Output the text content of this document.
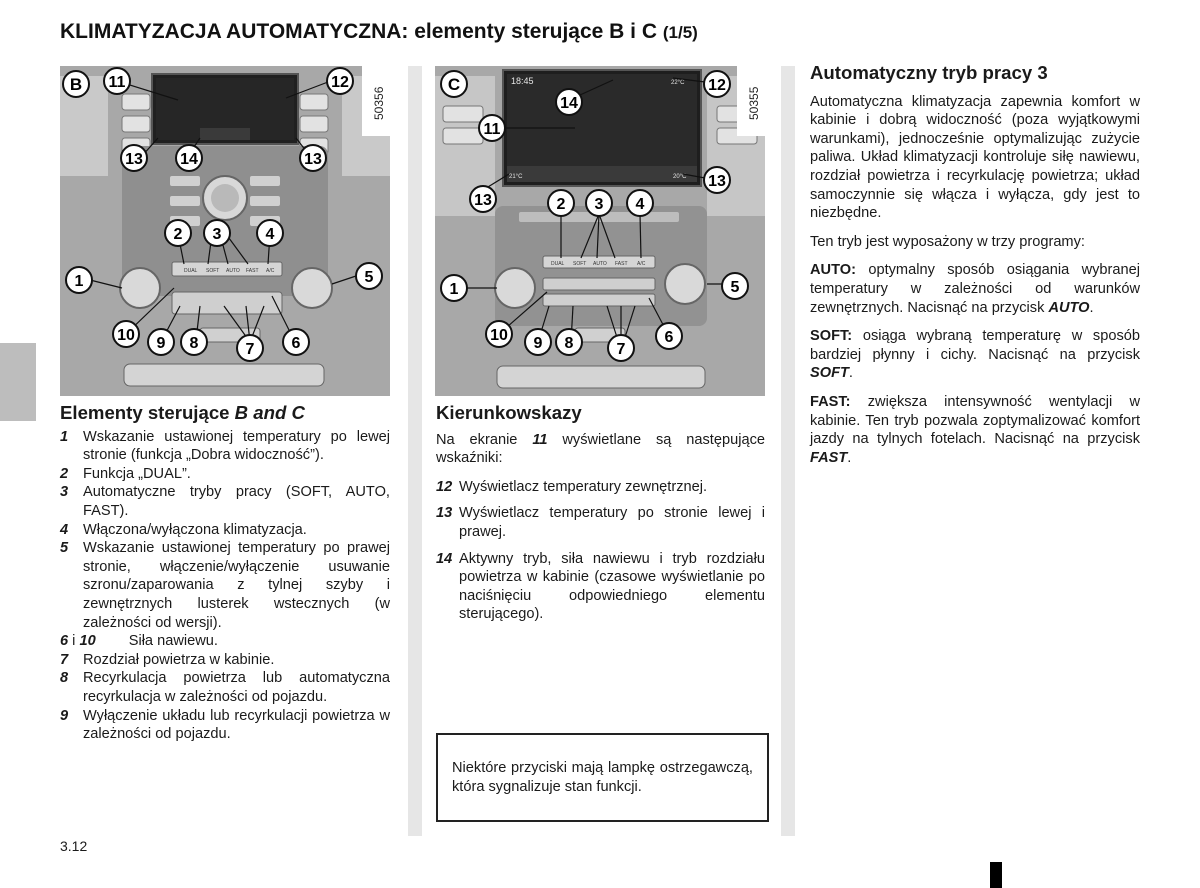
KLIMATYZACJA AUTOMATYCZNA: elementy sterujące B i C (1/5)
DUAL SOFT AUTO FAST A/C
50356
B 11	12
13 14	13
2 3	4
1	5
10 9 8	7 6
18:45	22°C
21°C	20°C
DUAL SOFT AUTO FAST A/C
50355
C
14
12
11
13
13
2 3 4
1	5
10 9 8	7
6
Elementy sterujące B and C
1 Wskazanie ustawionej temperatury po lewej stronie (funkcja „Dobra widoczność”).
2 Funkcja „DUAL”.
3 Automatyczne tryby pracy (SOFT, AUTO, FAST).
4 Włączona/wyłączona klimatyzacja.
5 Wskazanie ustawionej temperatury po prawej stronie, włączenie/wyłączenie usuwanie szronu/zaparowania z tylnej szyby i zewnętrznych lusterek wstecznych (w zależności od wersji).
6 i 10 Siła nawiewu.
7 Rozdział powietrza w kabinie.
8 Recyrkulacja powietrza lub automatyczna recyrkulacja w zależności od pojazdu.
9 Wyłączenie układu lub recyrkulacji powietrza w zależności od pojazdu.
Kierunkowskazy

Na ekranie 11 wyświetlane są następujące wskaźniki:

12 Wyświetlacz temperatury zewnętrznej.
13 Wyświetlacz temperatury po stronie lewej i prawej.
14 Aktywny tryb, siła nawiewu i tryb rozdziału powietrza w kabinie (czasowe wyświetlanie po naciśnięciu odpowiedniego elementu sterującego).
Niektóre przyciski mają lampkę ostrzegawczą, która sygnalizuje stan funkcji.
Automatyczny tryb pracy 3

Automatyczna klimatyzacja zapewnia komfort w kabinie i dobrą widoczność (poza wyjątkowymi warunkami), jednocześnie optymalizując zużycie paliwa. Układ klimatyzacji kontroluje siłę nawiewu, rozdział powietrza i recyrkulację powietrza; układ samoczynnie się włącza i wyłącza, gdy jest to niezbędne.

Ten tryb jest wyposażony w trzy programy:

AUTO: optymalny sposób osiągania wybranej temperatury w zależności od warunków zewnętrznych. Nacisnąć na przycisk AUTO.

SOFT: osiąga wybraną temperaturę w sposób bardziej płynny i cichy. Nacisnąć na przycisk SOFT.

FAST: zwiększa intensywność wentylacji w kabinie. Ten tryb pozwala zoptymalizować komfort jazdy na tylnych fotelach. Nacisnąć na przycisk FAST.

3.12
